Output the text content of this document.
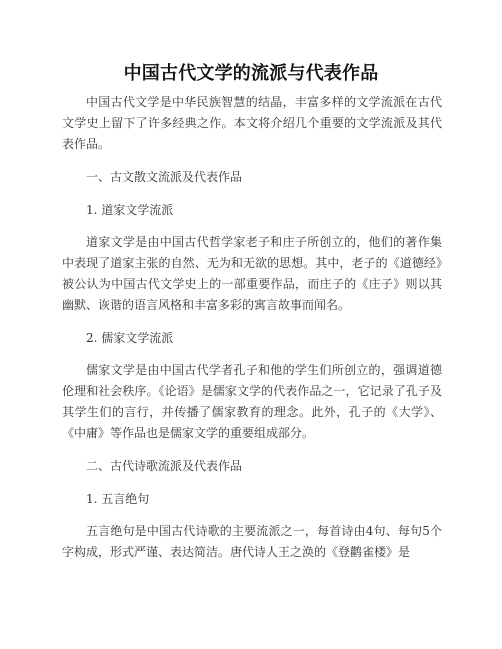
中国古代文学的流派与代表作品

中国古代文学是中华民族智慧的结晶，丰富多样的文学流派在古代文学史上留下了许多经典之作。本文将介绍几个重要的文学流派及其代表作品。

一、古文散文流派及代表作品

1. 道家文学流派

道家文学是由中国古代哲学家老子和庄子所创立的，他们的著作集中表现了道家主张的自然、无为和无欲的思想。其中，老子的《道德经》被公认为中国古代文学史上的一部重要作品，而庄子的《庄子》则以其幽默、诙谐的语言风格和丰富多彩的寓言故事而闻名。

2. 儒家文学流派

儒家文学是由中国古代学者孔子和他的学生们所创立的，强调道德伦理和社会秩序。《论语》是儒家文学的代表作品之一，它记录了孔子及其学生们的言行，并传播了儒家教育的理念。此外，孔子的《大学》、《中庸》等作品也是儒家文学的重要组成部分。

二、古代诗歌流派及代表作品

1. 五言绝句

五言绝句是中国古代诗歌的主要流派之一，每首诗由4句、每句5个字构成，形式严谨、表达简洁。唐代诗人王之涣的《登鹳雀楼》是
